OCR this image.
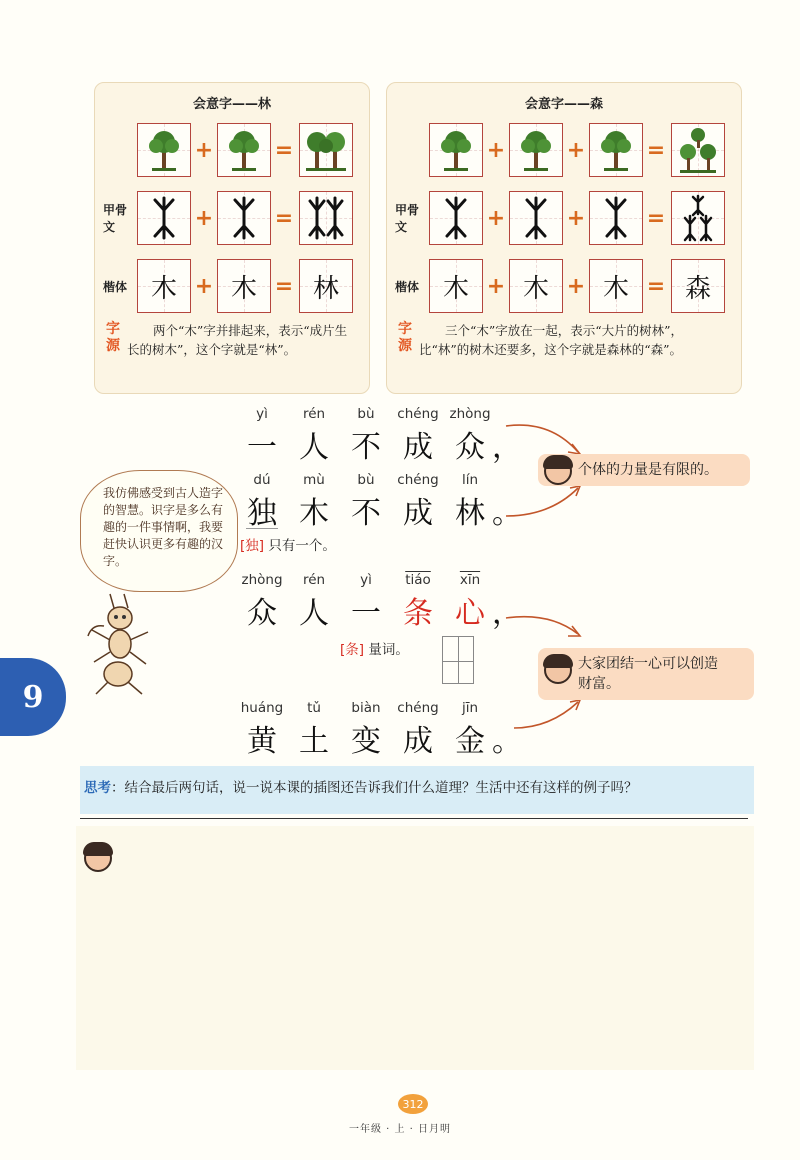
会意字——林
+	=
甲骨文	+	=
楷体 木 + 木 = 林
字源
两个“木”字并排起来，表示“成片生长的树木”，这个字就是“林”。
会意字——森
+	+	=
甲骨文	+	+	=
楷体 木 + 木 + 木 = 森
字源
三个“木”字放在一起，表示“大片的树林”，比“林”的树木还要多，这个字就是森林的“森”。
yì	rén	bù	chéng zhòng
一 人 不 成 众 ，
dú	mù	bù	chéng	lín
独 木 不 成 林 。
zhòng	rén	yì	tiáo	$\overline{xīn}$
众 人 一 条 心 ，
huáng	tǔ	biàn	chéng	jīn
黄 土 变 成 金 。
[独] 只有一个。
[条] 量词。
个体的力量是有限的。
大家团结一心可以创造
财富。
我仿佛感受到古人造字的智慧。识字是多么有趣的一件事情啊，我要赶快认识更多有趣的汉字。
9
思考：结合最后两句话，说一说本课的插图还告诉我们什么道理？生活中还有这样的例子吗？
312
一年级 · 上 · 日月明
